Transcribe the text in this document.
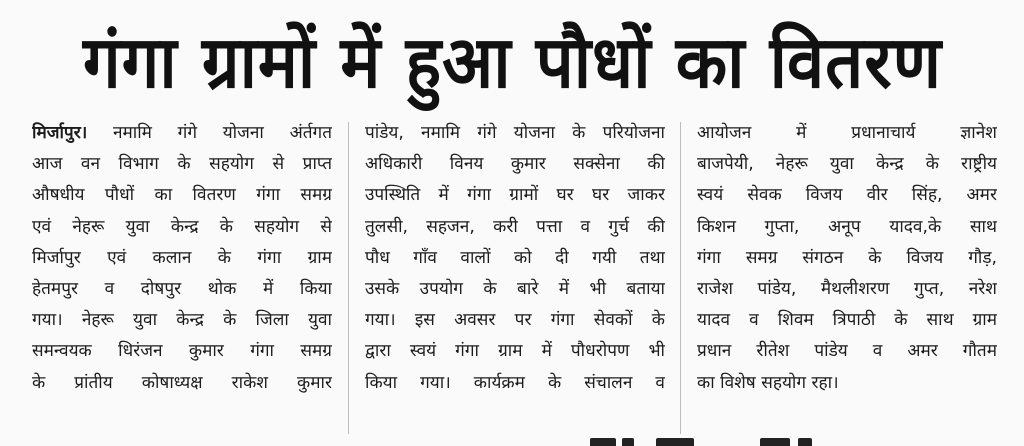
गंगा ग्रामों में हुआ पौधों का वितरण
मिर्जापुर। नमामि गंगे योजना अंर्तगत
आज वन विभाग के सहयोग से प्राप्त
औषधीय पौधों का वितरण गंगा समग्र
एवं नेहरू युवा केन्द्र के सहयोग से
मिर्जापुर एवं कलान के गंगा ग्राम
हेतमपुर व दोषपुर थोक में किया
गया। नेहरू युवा केन्द्र के जिला युवा
समन्वयक धिरंजन कुमार गंगा समग्र
के प्रांतीय कोषाध्यक्ष राकेश कुमार
पांडेय, नमामि गंगे योजना के परियोजना
अधिकारी विनय कुमार सक्सेना की
उपस्थिति में गंगा ग्रामों घर घर जाकर
तुलसी, सहजन, करी पत्ता व गुर्च की
पौध गाँव वालों को दी गयी तथा
उसके उपयोग के बारे में भी बताया
गया। इस अवसर पर गंगा सेवकों के
द्वारा स्वयं गंगा ग्राम में पौधरोपण भी
किया गया। कार्यक्रम के संचालन व
आयोजन में प्रधानाचार्य ज्ञानेश
बाजपेयी, नेहरू युवा केन्द्र के राष्ट्रीय
स्वयं सेवक विजय वीर सिंह, अमर
किशन गुप्ता, अनूप यादव,के साथ
गंगा समग्र संगठन के विजय गौड़,
राजेश पांडेय, मैथलीशरण गुप्त, नरेश
यादव व शिवम त्रिपाठी के साथ ग्राम
प्रधान रीतेश पांडेय व अमर गौतम
का विशेष सहयोग रहा।
